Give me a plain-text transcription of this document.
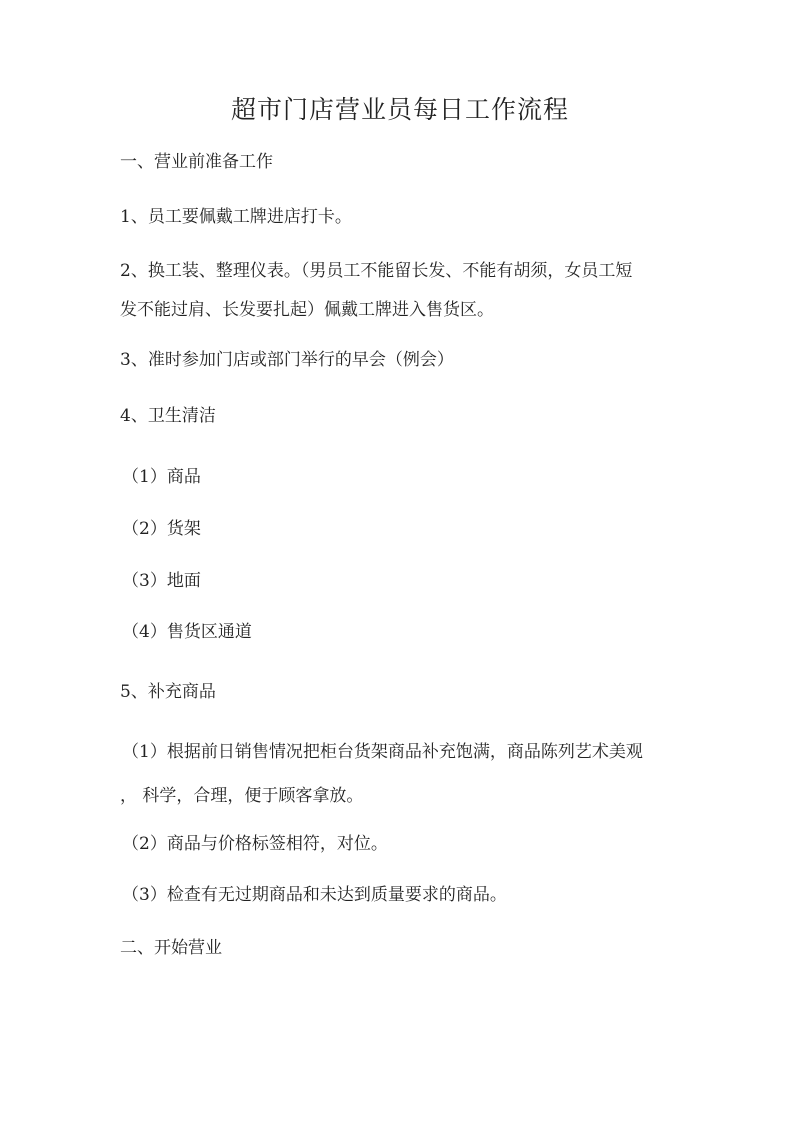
超市门店营业员每日工作流程

一、营业前准备工作

1、员工要佩戴工牌进店打卡。

2、换工装、整理仪表。（男员工不能留长发、不能有胡须，女员工短

发不能过肩、长发要扎起）佩戴工牌进入售货区。

3、准时参加门店或部门举行的早会（例会）

4、卫生清洁

（1）商品

（2）货架

（3）地面

（4）售货区通道

5、补充商品

（1）根据前日销售情况把柜台货架商品补充饱满，商品陈列艺术美观

， 科学，合理，便于顾客拿放。

（2）商品与价格标签相符，对位。

（3）检查有无过期商品和未达到质量要求的商品。

二、开始营业
